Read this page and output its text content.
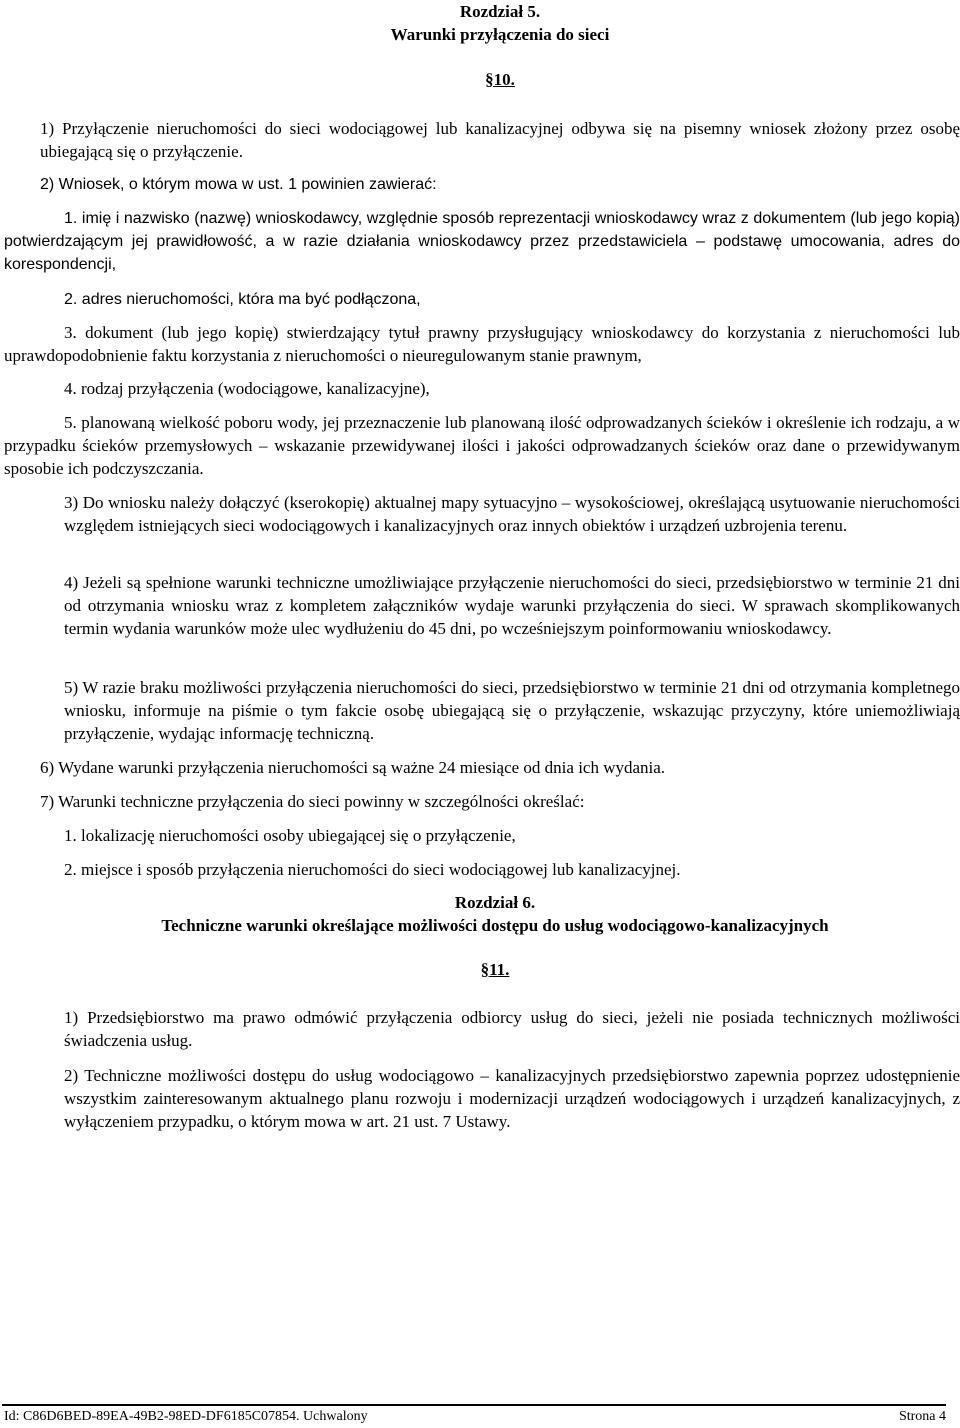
Rozdział 5.
Warunki przyłączenia do sieci
§10.
1) Przyłączenie nieruchomości do sieci wodociągowej lub kanalizacyjnej odbywa się na pisemny wniosek złożony przez osobę ubiegającą się o przyłączenie.
2) Wniosek, o którym mowa w ust. 1 powinien zawierać:
1. imię i nazwisko (nazwę) wnioskodawcy, względnie sposób reprezentacji wnioskodawcy wraz z dokumentem (lub jego kopią) potwierdzającym jej prawidłowość, a w razie działania wnioskodawcy przez przedstawiciela – podstawę umocowania, adres do korespondencji,
2. adres nieruchomości, która ma być podłączona,
3. dokument (lub jego kopię) stwierdzający tytuł prawny przysługujący wnioskodawcy do korzystania z nieruchomości lub uprawdopodobnienie faktu korzystania z nieruchomości o nieuregulowanym stanie prawnym,
4. rodzaj przyłączenia (wodociągowe, kanalizacyjne),
5. planowaną wielkość poboru wody, jej przeznaczenie lub planowaną ilość odprowadzanych ścieków i określenie ich rodzaju, a w przypadku ścieków przemysłowych – wskazanie przewidywanej ilości i jakości odprowadzanych ścieków oraz dane o przewidywanym sposobie ich podczyszczania.
3) Do wniosku należy dołączyć (kserokopię) aktualnej mapy sytuacyjno – wysokościowej, określającą usytuowanie nieruchomości względem istniejących sieci wodociągowych i kanalizacyjnych oraz innych obiektów i urządzeń uzbrojenia terenu.
4) Jeżeli są spełnione warunki techniczne umożliwiające przyłączenie nieruchomości do sieci, przedsiębiorstwo w terminie 21 dni od otrzymania wniosku wraz z kompletem załączników wydaje warunki przyłączenia do sieci. W sprawach skomplikowanych termin wydania warunków może ulec wydłużeniu do 45 dni, po wcześniejszym poinformowaniu wnioskodawcy.
5) W razie braku możliwości przyłączenia nieruchomości do sieci, przedsiębiorstwo w terminie 21 dni od otrzymania kompletnego wniosku, informuje na piśmie o tym fakcie osobę ubiegającą się o przyłączenie, wskazując przyczyny, które uniemożliwiają przyłączenie, wydając informację techniczną.
6) Wydane warunki przyłączenia nieruchomości są ważne 24 miesiące od dnia ich wydania.
7) Warunki techniczne przyłączenia do sieci powinny w szczególności określać:
1. lokalizację nieruchomości osoby ubiegającej się o przyłączenie,
2. miejsce i sposób przyłączenia nieruchomości do sieci wodociągowej lub kanalizacyjnej.
Rozdział 6.
Techniczne warunki określające możliwości dostępu do usług wodociągowo-kanalizacyjnych
§11.
1) Przedsiębiorstwo ma prawo odmówić przyłączenia odbiorcy usług do sieci, jeżeli nie posiada technicznych możliwości świadczenia usług.
2) Techniczne możliwości dostępu do usług wodociągowo – kanalizacyjnych przedsiębiorstwo zapewnia poprzez udostępnienie wszystkim zainteresowanym aktualnego planu rozwoju i modernizacji urządzeń wodociągowych i urządzeń kanalizacyjnych, z wyłączeniem przypadku, o którym mowa w art. 21 ust. 7 Ustawy.
Id: C86D6BED-89EA-49B2-98ED-DF6185C07854. Uchwalony	Strona 4
